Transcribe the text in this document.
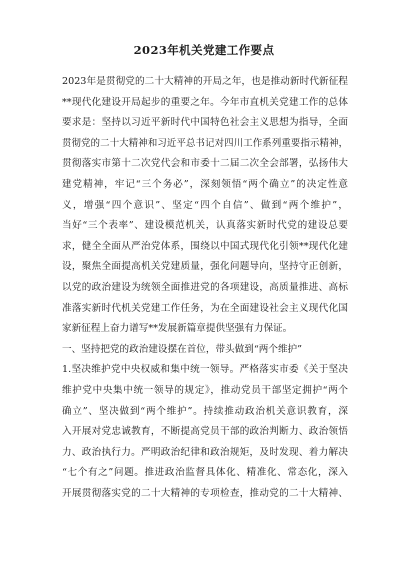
2023年机关党建工作要点
2023年是贯彻党的二十大精神的开局之年，也是推动新时代新征程
**现代化建设开局起步的重要之年。今年市直机关党建工作的总体
要求是：坚持以习近平新时代中国特色社会主义思想为指导，全面
贯彻党的二十大精神和习近平总书记对四川工作系列重要指示精神，
贯彻落实市第十二次党代会和市委十二届二次全会部署，弘扬伟大
建党精神，牢记“三个务必”，深刻领悟“两个确立”的决定性意
义，增强“四个意识”、坚定“四个自信”、做到“两个维护”，
当好“三个表率”、建设模范机关，认真落实新时代党的建设总要
求，健全全面从严治党体系，围绕以中国式现代化引领**现代化建
设，聚焦全面提高机关党建质量，强化问题导向，坚持守正创新，
以党的政治建设为统领全面推进党的各项建设，高质量推进、高标
准落实新时代机关党建工作任务，为在全面建设社会主义现代化国
家新征程上奋力谱写**发展新篇章提供坚强有力保证。
一、坚持把党的政治建设摆在首位，带头做到“两个维护”
1.坚决维护党中央权威和集中统一领导。严格落实市委《关于坚决
维护党中央集中统一领导的规定》，推动党员干部坚定拥护“两个
确立”、坚决做到“两个维护”。持续推动政治机关意识教育，深
入开展对党忠诚教育，不断提高党员干部的政治判断力、政治领悟
力、政治执行力。严明政治纪律和政治规矩，及时发现、着力解决
“七个有之”问题。推进政治监督具体化、精准化、常态化，深入
开展贯彻落实党的二十大精神的专项检查，推动党的二十大精神、
